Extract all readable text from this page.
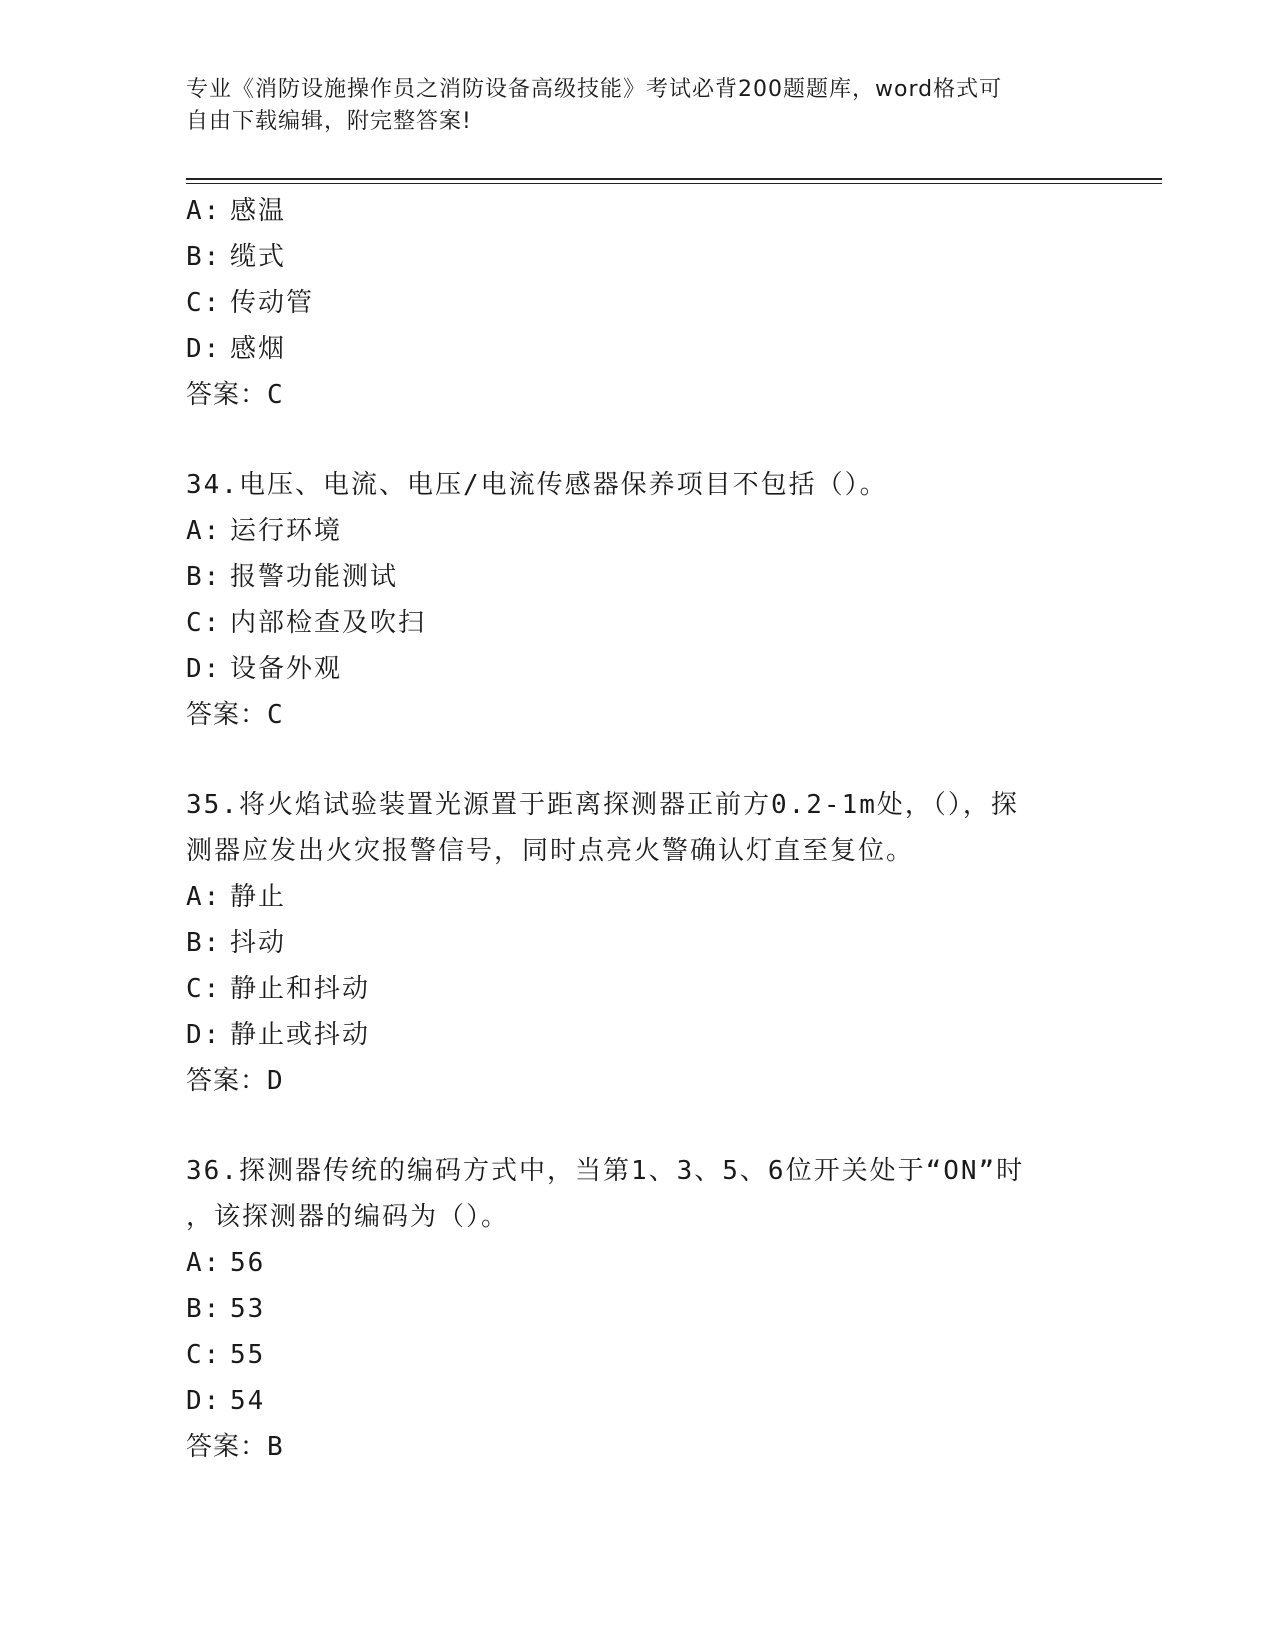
专业《消防设施操作员之消防设备高级技能》考试必背200题题库，word格式可
自由下载编辑，附完整答案!
A: 感温
B: 缆式
C: 传动管
D: 感烟
答案：C
34.电压、电流、电压/电流传感器保养项目不包括（）。
A: 运行环境
B: 报警功能测试
C: 内部检查及吹扫
D: 设备外观
答案：C
35.将火焰试验装置光源置于距离探测器正前方0.2-1m处，（），探
测器应发出火灾报警信号，同时点亮火警确认灯直至复位。
A: 静止
B: 抖动
C: 静止和抖动
D: 静止或抖动
答案：D
36.探测器传统的编码方式中，当第1、3、5、6位开关处于“ON”时
，该探测器的编码为（）。
A: 56
B: 53
C: 55
D: 54
答案：B
